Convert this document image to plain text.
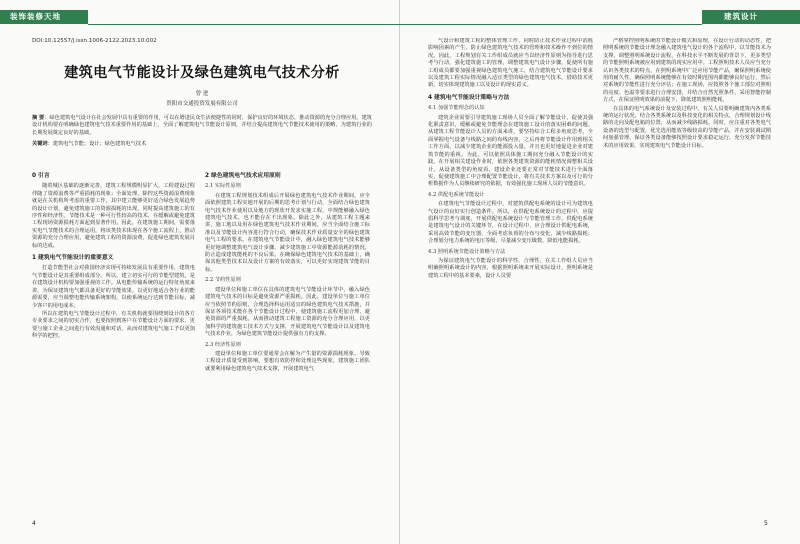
装饰装修天地
DOI:10.12557/j.issn.1006-2122.2023.10.002
建筑电气节能设计及绿色建筑电气技术分析
曾 进
贵阳市交通投资发展有限公司
摘 要：绿色建筑电气设计在社会发展中具有重要的作用，可以在增进民众生活便捷性的同时，保护良好的环境状态，推动资源的充分合理应用。建筑设计机构要在明确绿色建筑电气技术重要作用的基础上，全面了解建筑电气节能设计原则，并结合提高建筑电气节能技术使用的策略，为建筑行业的长期发展奠定良好的基础。
关键词：建筑电气节能；设计；绿色建筑电气技术
0 引言

随着城区基础的逐渐完善，建筑工程规模明显扩大，工程建设过程伴随了资源浪费等严重损耗的现象；全面处理、除控这些资源浪费现象就是在关机构所考虑的重要工作，其中建立能够更好适合绿色发展趋势的设计计划，避免建筑施工的资源损耗的出现，同时提高建筑施工的有序性和经济性。节能技术是一种可行性较高的技术，在缓解或避免建筑工程现场资源损耗方面起到显著作用。因此，在建筑施工期间，需要落实电气节能技术的合理运用，将该类技术体现在各个施工流程上，推动资源的充分合理应用，避免建筑工程的资源浪费，促进绿色建筑发展目标的达成。

1 建筑电气节能设计的重要意义

打造节能型社会对我国经济实现可持续发展具有重要作用，建筑电气节能设计是其重要组成部分。所以，建立切实可行的节能型建筑，是在建筑设计机构要加强重视的工作。从电能传输系统的运行特征角度来讲，为保证建筑电气都具备更好的节能效果，以更好地适合各行业的能源需要，应当调整电能传输系统架构，以使系统运行达到节能目标，减少客户的用电成本。

所以在建筑电气节能设计过程中，有关机构就要围绕到设计的各方专业要求之间的切实合作，也要按照到客户在节能设计方面的要求，更要与施工企业之间进行有效沟通和对话，从而对建筑电气施工予以更加科学的把控。

2 绿色建筑电气技术应用原则
2.1 实际性原则

在建筑工程规划技术组成后开展绿色建筑电气技术作业期间，应全面依照建筑工程实地开展的后期的思考计划与行动，全面结合绿色建筑电气技术作业使用以及地方的现状开发求实施工程，中规能够融入绿色建筑电气技术，也不能存在不出现象。除此之外，从建筑工程主题来讲，施工地以及用在绿色建筑电气技术作业期间，应当全面结合施工标准以及节能设计内容进行符合行动，确保技术作业质量安全的绿色建筑电气工程的要求。在建筑电气节能设计中，融入绿色建筑电气技术能够更好地调整建筑电气设计步骤，减少建筑施工中资源能源消耗的情况，防止造成建筑能耗的不良后果。在确保绿色建筑电气技术的基础上，确保其他类型技术以及设计方案的有效落实，可以更好实现建筑节能的目标。

2.2 节约性原则

建设单位和施工单位在具体的建筑电气节能设计环节中，融入绿色建筑电气技术的目标是避免资源严重损耗。因此，建设单位与施工单位应当依照节约原则，合理选择科运用适宜的绿色建筑电气技术措施，并保证各项技术能在各个节能设计过程中，使建筑施工流程更加合理，避免资源的严重损耗。从而推动建筑工程施工资源的充分合理应用，以更加科学的建筑施工技术方式与支撑，开展建筑电气节能设计以及建筑电气技术作业，为绿色建筑节能设计提供强有力的支撑。

2.3 经济性原则

建设单位和施工单位要通常会在解为产生量的资源损耗现象。导致工程设计质量受到影响。要想有效防控和处理这些现象，建筑施工团队就要利用绿色建筑电气技术支撑，开展建筑电气

4
建筑设计

气设计和建筑工程的整体管理工作，同时防止技术作业过程中消耗影响因素的产生，防止绿色建筑电气技术的管理和技术操作不到位的情况。因此，工程规划有关工作组成员就应当以经济性原则为指导进行思考与行动，强化建筑施工的管理，调整建筑电气设计步骤，促使所有施工组成员都要加强重视绿色建筑电气施工，结合建筑电气节能设计要求以及建筑工程实际情况融入适宜类型的绿色建筑电气技术，借助技术更新，切实体现建筑施工以及设计的现实意义。

4 建筑电气节能设计策略与方法
4.1 加强节能理念的认知

建筑企业需要引导建筑施工现场人员全面了解节能设计，促使其强化职责意识，缓解或避免节能理念在建筑施工设计的落实困难的问题。从建筑工程节能设计人员的方面来讲，要坚持综合工程多角度思考，全面掌握电气设备与线路之间的布线内容，之后再将节能设计作用到相关工作方面，以减少建筑企业的能源投入量，并且也更好地促进企业对建筑节能的重视。为此，可以依照具体施工期间充分融入节能设计的实践，在开展相关建设作业时，依照各类建筑资源的能耗情况调整相关设计。从设备类型的角度看，建设企业还要正常对节能技术进行全面落实，促使建筑施工中合理配置节能设计，将有关技术方案以及可行的分析数据作为人员继续研究的依据，有效强化施工现场人员的节能意识。

4.2 供配电系统节能设计

在建筑电气节能设计过程中，对建筑供配电系统的设计可为建筑电气设计的良好实行创造条件。所以，在供配电系统设计的过程中，应提倡科学思考与调度，开展供配电系统设计与节能管理工作。供配电系统是建筑电气设计的关键环节，在设计过程中，应合理设计供配电系统，采用高效节能的变压器，全面考虑负荷的分布与变化，减少线路损耗；合理划分电力系统的电压等级，尽量减少变压级数，降低电能损耗。

4.3 照明系统节能设计策略与方法

为保证建筑电气节能设计的科学性、合理性，在关工作组人员应当明确照明系统设计的内容，根据照明系统来开展实际设计，照明系统是建筑工程中的基本要素，设计人员要

严格掌控照明系统的节能设计模式和原理，在设计行动的动态性，把照明系统的节能设计理念融入建筑电气设计的各个流程中，以节能技术为支撑，调整照明系统设计流程，在科技水平不断发展的背景下，更多类型的节能照明系统被应用到建筑的现实应用中。工程照明技术人员应当充分认识各类技术的特点，在照明系统中广泛应用节能产品，确保照明系统使用的耐久性，确保照明系统能够在有效时期范围内都能够良好运行，然后对系统的节能性进行充分评估；在施工现场，应按照各个施工部位对照明的亮度、色温等要求进行合理安排，并结合自然光照条件，采用智能控制方式，在保证照明效果的前提下，降低建筑照明能耗。

在具体的电气系统设计及安装过程中，有关人员要明确建筑内各类系统的运行状况，结合各类系统以及科技变化的相关特点，合理规划设计线路的走向及配电箱的位置，从而减少线路损耗。同时，应注重对各类电气设备的选型与配置，优先选用能效等级较高的节能产品，并在安装调试期间加强管理，保证各类设备能够按照设计要求稳定运行，充分发挥节能技术的应用效果，实现建筑电气节能设计目标。

5
